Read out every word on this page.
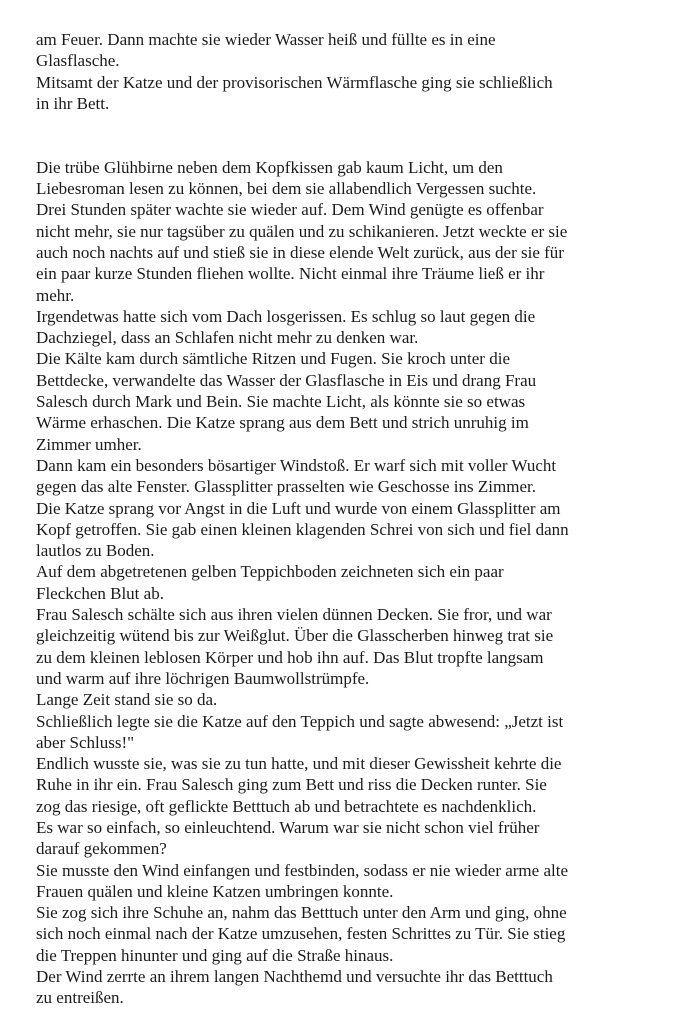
am Feuer. Dann machte sie wieder Wasser heiß und füllte es in eine
Glasflasche.
Mitsamt der Katze und der provisorischen Wärmflasche ging sie schließlich
in ihr Bett.
Die trübe Glühbirne neben dem Kopfkissen gab kaum Licht, um den
Liebesroman lesen zu können, bei dem sie allabendlich Vergessen suchte.
Drei Stunden später wachte sie wieder auf. Dem Wind genügte es offenbar
nicht mehr, sie nur tagsüber zu quälen und zu schikanieren. Jetzt weckte er sie
auch noch nachts auf und stieß sie in diese elende Welt zurück, aus der sie für
ein paar kurze Stunden fliehen wollte. Nicht einmal ihre Träume ließ er ihr
mehr.
Irgendetwas hatte sich vom Dach losgerissen. Es schlug so laut gegen die
Dachziegel, dass an Schlafen nicht mehr zu denken war.
Die Kälte kam durch sämtliche Ritzen und Fugen. Sie kroch unter die
Bettdecke, verwandelte das Wasser der Glasflasche in Eis und drang Frau
Salesch durch Mark und Bein. Sie machte Licht, als könnte sie so etwas
Wärme erhaschen. Die Katze sprang aus dem Bett und strich unruhig im
Zimmer umher.
Dann kam ein besonders bösartiger Windstoß. Er warf sich mit voller Wucht
gegen das alte Fenster. Glassplitter prasselten wie Geschosse ins Zimmer.
Die Katze sprang vor Angst in die Luft und wurde von einem Glassplitter am
Kopf getroffen. Sie gab einen kleinen klagenden Schrei von sich und fiel dann
lautlos zu Boden.
Auf dem abgetretenen gelben Teppichboden zeichneten sich ein paar
Fleckchen Blut ab.
Frau Salesch schälte sich aus ihren vielen dünnen Decken. Sie fror, und war
gleichzeitig wütend bis zur Weißglut. Über die Glasscherben hinweg trat sie
zu dem kleinen leblosen Körper und hob ihn auf. Das Blut tropfte langsam
und warm auf ihre löchrigen Baumwollstrümpfe.
Lange Zeit stand sie so da.
Schließlich legte sie die Katze auf den Teppich und sagte abwesend: „Jetzt ist
aber Schluss!"
Endlich wusste sie, was sie zu tun hatte, und mit dieser Gewissheit kehrte die
Ruhe in ihr ein. Frau Salesch ging zum Bett und riss die Decken runter. Sie
zog das riesige, oft geflickte Betttuch ab und betrachtete es nachdenklich.
Es war so einfach, so einleuchtend. Warum war sie nicht schon viel früher
darauf gekommen?
Sie musste den Wind einfangen und festbinden, sodass er nie wieder arme alte
Frauen quälen und kleine Katzen umbringen konnte.
Sie zog sich ihre Schuhe an, nahm das Betttuch unter den Arm und ging, ohne
sich noch einmal nach der Katze umzusehen, festen Schrittes zu Tür. Sie stieg
die Treppen hinunter und ging auf die Straße hinaus.
Der Wind zerrte an ihrem langen Nachthemd und versuchte ihr das Betttuch
zu entreißen.
